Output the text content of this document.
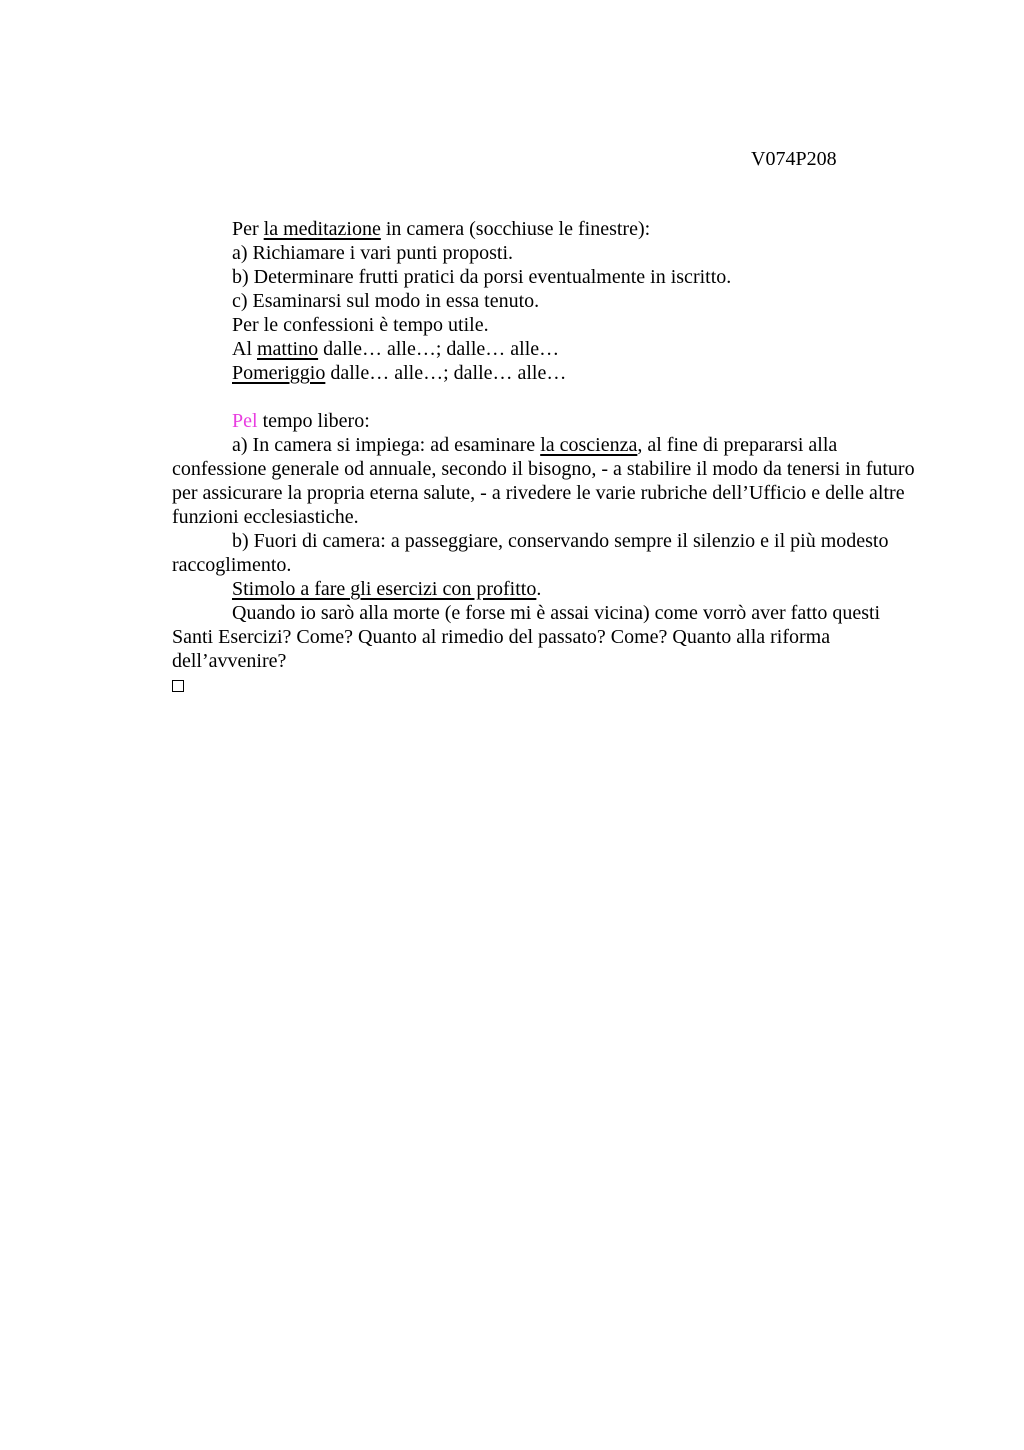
V074P208
Per la meditazione in camera (socchiuse le finestre):
a) Richiamare i vari punti proposti.
b) Determinare frutti pratici da porsi eventualmente in iscritto.
c) Esaminarsi sul modo in essa tenuto.
Per le confessioni è tempo utile.
Al mattino dalle… alle…; dalle… alle…
Pomeriggio dalle… alle…; dalle… alle…
Pel tempo libero:

a) In camera si impiega: ad esaminare la coscienza, al fine di prepararsi alla confessione generale od annuale, secondo il bisogno, - a stabilire il modo da tenersi in futuro per assicurare la propria eterna salute, - a rivedere le varie rubriche dell’Ufficio e delle altre funzioni ecclesiastiche.

b) Fuori di camera: a passeggiare, conservando sempre il silenzio e il più modesto raccoglimento.

Stimolo a fare gli esercizi con profitto.

Quando io sarò alla morte (e forse mi è assai vicina) come vorrò aver fatto questi Santi Esercizi? Come? Quanto al rimedio del passato? Come? Quanto alla riforma dell’avvenire?
